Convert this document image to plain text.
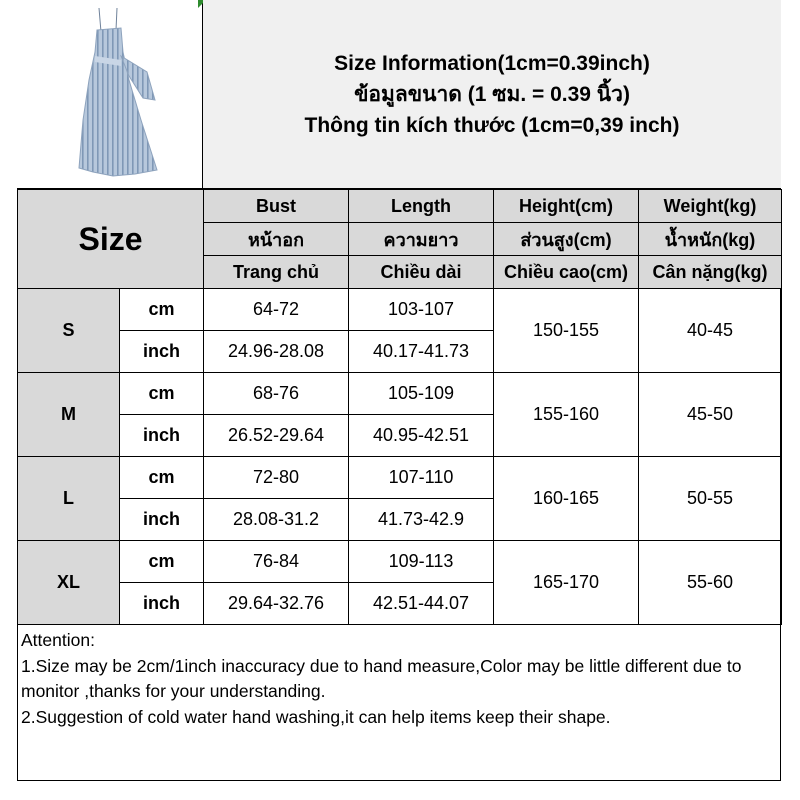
Size Information(1cm=0.39inch)
ข้อมูลขนาด (1 ซม. = 0.39 นิ้ว)
Thông tin kích thước (1cm=0,39 inch)
Size		Bust	Length	Height(cm)	Weight(kg)
		หน้าอก	ความยาว	ส่วนสูง(cm)	น้ำหนัก(kg)
		Trang chủ	Chiều dài	Chiều cao(cm)	Cân nặng(kg)
S	cm	64-72	103-107	150-155	40-45
	inch	24.96-28.08	40.17-41.73		
M	cm	68-76	105-109	155-160	45-50
	inch	26.52-29.64	40.95-42.51		
L	cm	72-80	107-110	160-165	50-55
	inch	28.08-31.2	41.73-42.9		
XL	cm	76-84	109-113	165-170	55-60
	inch	29.64-32.76	42.51-44.07		
Attention:
1.Size may be 2cm/1inch inaccuracy due to hand measure,Color may be little different due to monitor ,thanks for your understanding.
2.Suggestion of cold water hand washing,it can help items keep their shape.
